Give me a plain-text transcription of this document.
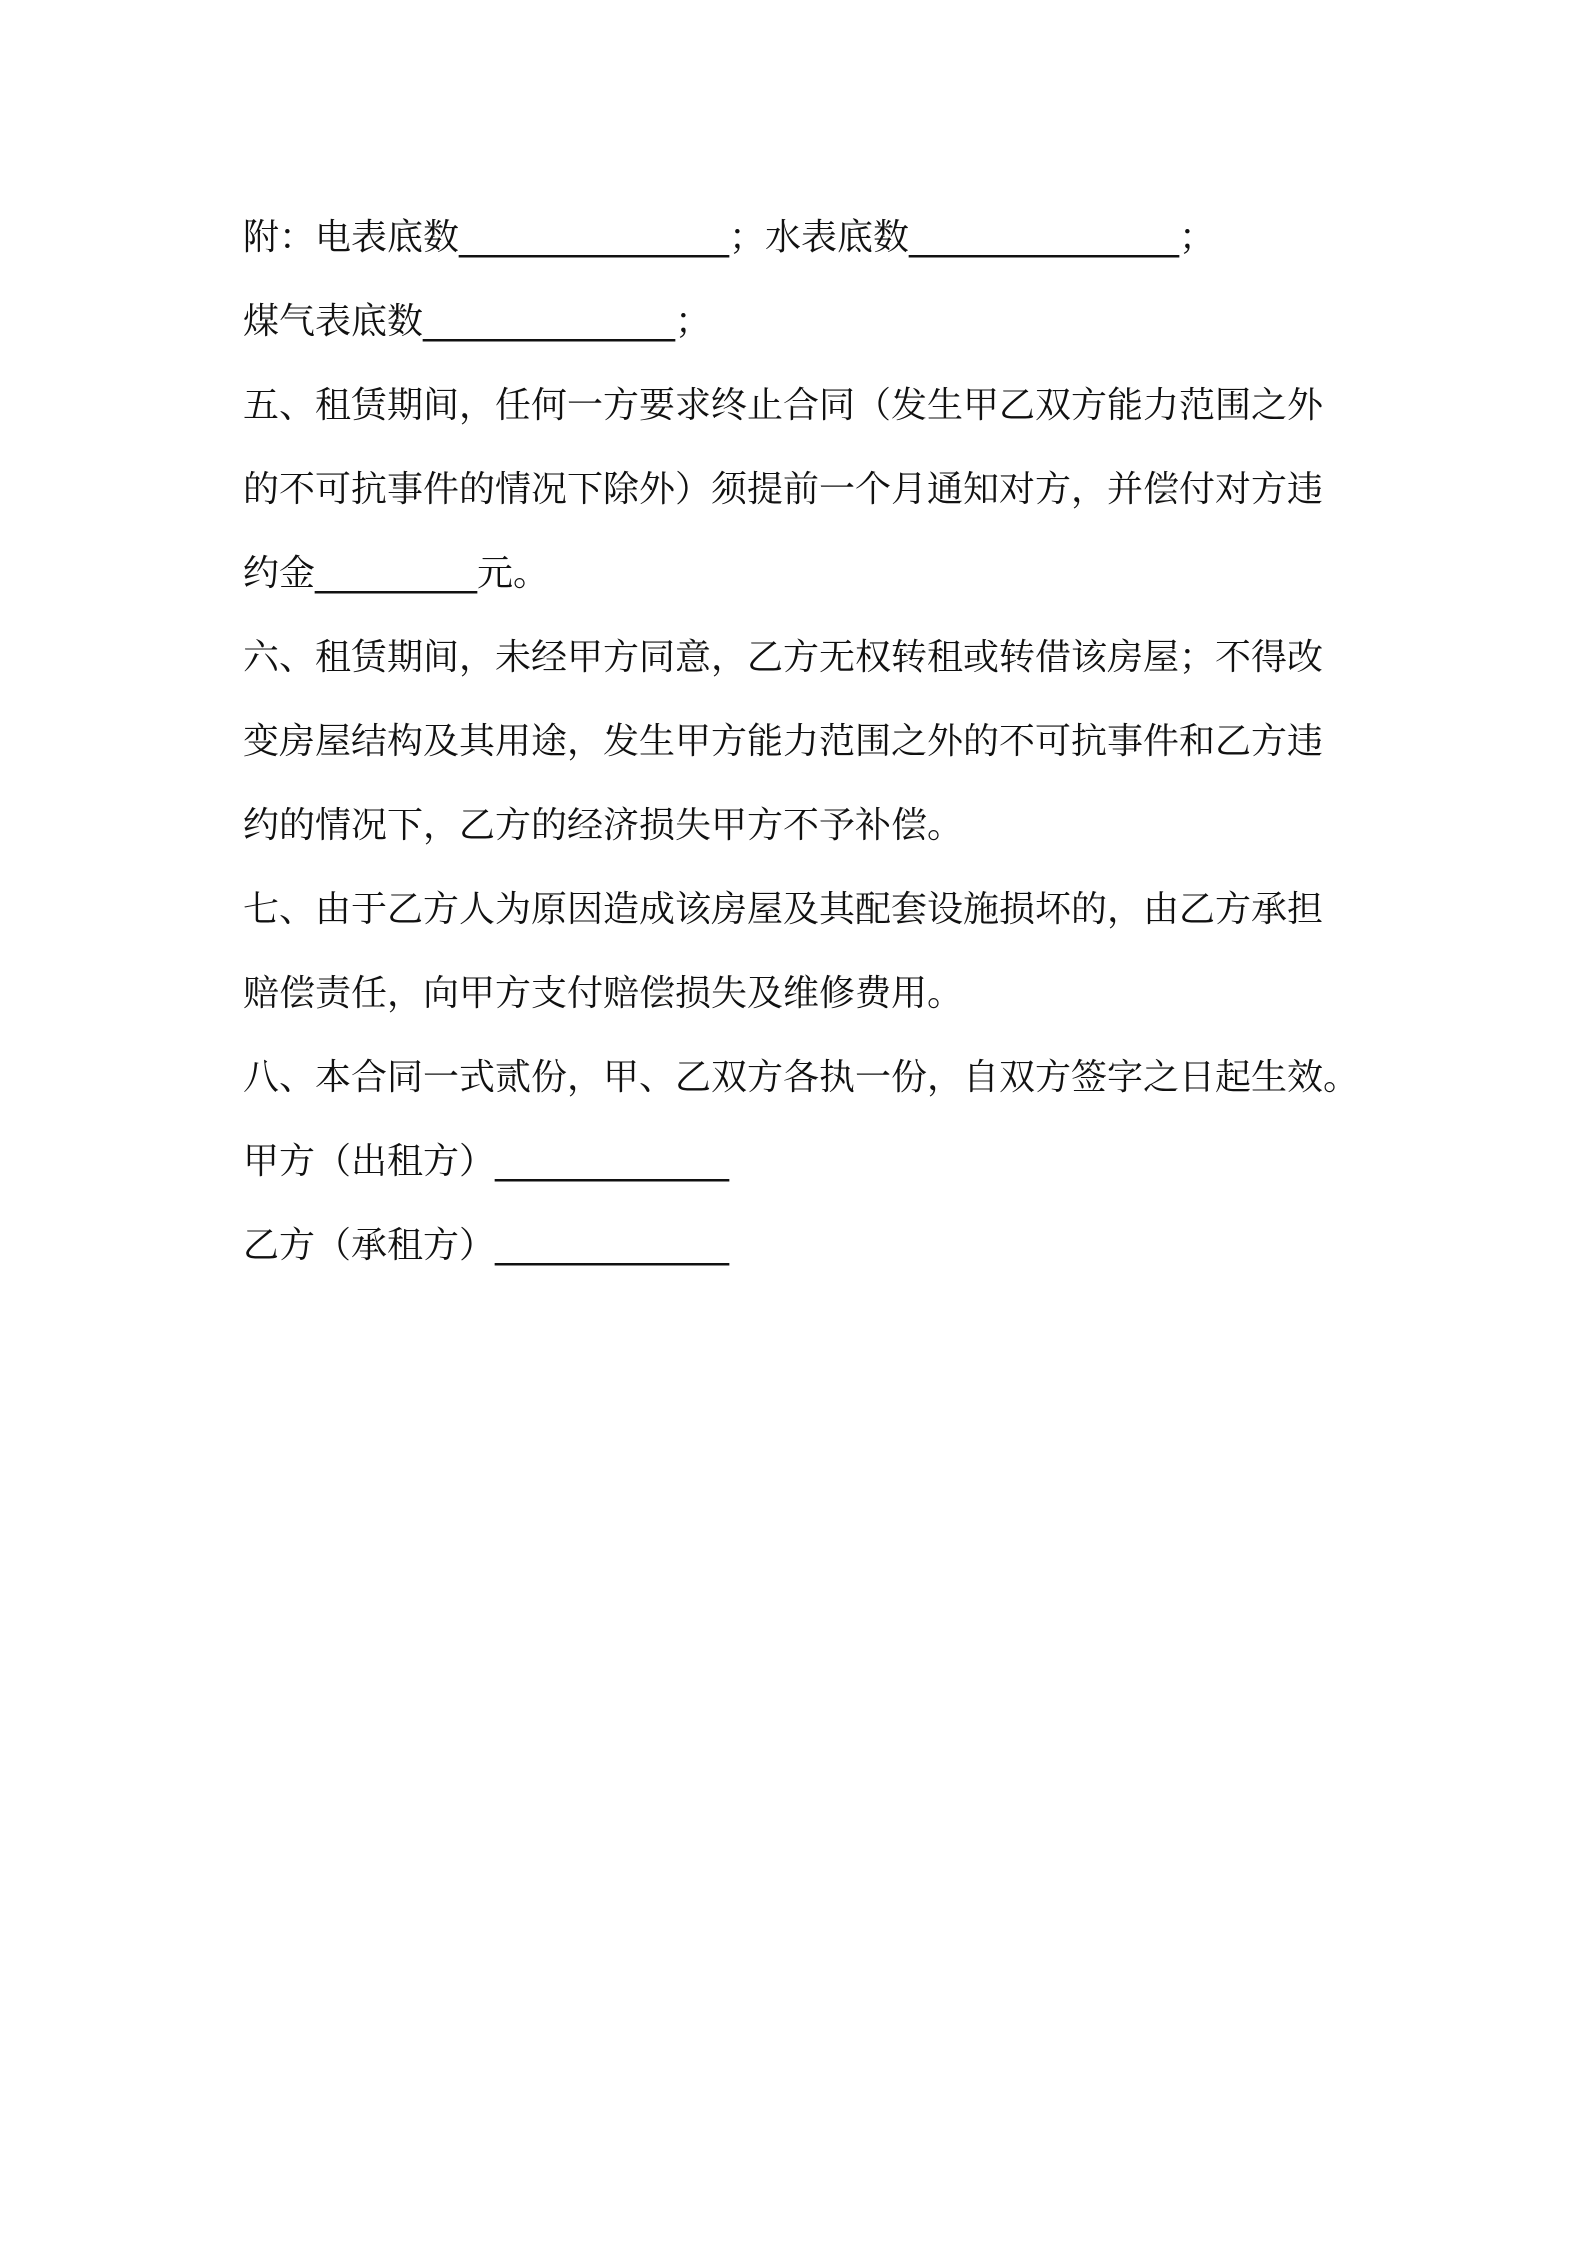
附：电表底数_______________；水表底数_______________；
煤气表底数______________；
五、租赁期间，任何一方要求终止合同（发生甲乙双方能力范围之外
的不可抗事件的情况下除外）须提前一个月通知对方，并偿付对方违
约金_________元。
六、租赁期间，未经甲方同意，乙方无权转租或转借该房屋；不得改
变房屋结构及其用途，发生甲方能力范围之外的不可抗事件和乙方违
约的情况下，乙方的经济损失甲方不予补偿。
七、由于乙方人为原因造成该房屋及其配套设施损坏的，由乙方承担
赔偿责任，向甲方支付赔偿损失及维修费用。
八、本合同一式贰份，甲、乙双方各执一份，自双方签字之日起生效。
甲方（出租方）_____________
乙方（承租方）_____________
